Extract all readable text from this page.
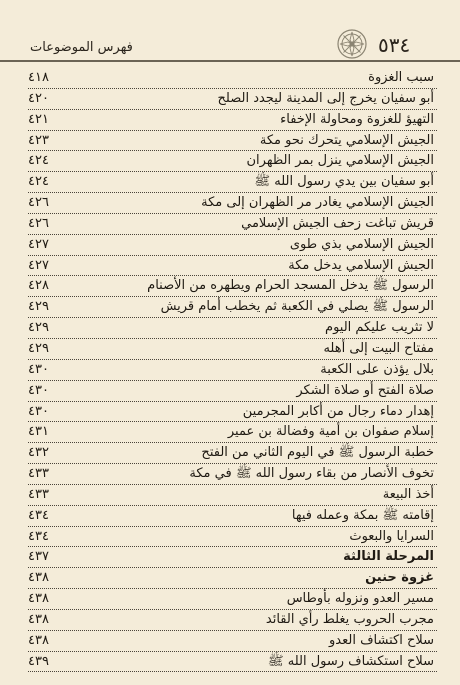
٥٣٤
فهرس الموضوعات
سبب الغزوة
٤١٨
أبو سفيان يخرج إلى المدينة ليجدد الصلح
٤٢٠
التهيؤ للغزوة ومحاولة الإخفاء
٤٢١
الجيش الإسلامي يتحرك نحو مكة
٤٢٣
الجيش الإسلامي ينزل بمر الظهران
٤٢٤
أبو سفيان بين يدي رسول الله ﷺ
٤٢٤
الجيش الإسلامي يغادر مر الظهران إلى مكة
٤٢٦
قريش تباغت زحف الجيش الإسلامي
٤٢٦
الجيش الإسلامي بذي طوى
٤٢٧
الجيش الإسلامي يدخل مكة
٤٢٧
الرسول ﷺ يدخل المسجد الحرام ويطهره من الأصنام
٤٢٨
الرسول ﷺ يصلي في الكعبة ثم يخطب أمام قريش
٤٢٩
لا تثريب عليكم اليوم
٤٢٩
مفتاح البيت إلى أهله
٤٢٩
بلال يؤذن على الكعبة
٤٣٠
صلاة الفتح أو صلاة الشكر
٤٣٠
إهدار دماء رجال من أكابر المجرمين
٤٣٠
إسلام صفوان بن أمية وفضالة بن عمير
٤٣١
خطبة الرسول ﷺ في اليوم الثاني من الفتح
٤٣٢
تخوف الأنصار من بقاء رسول الله ﷺ في مكة
٤٣٣
أخذ البيعة
٤٣٣
إقامته ﷺ بمكة وعمله فيها
٤٣٤
السرايا والبعوث
٤٣٤
المرحلة الثالثة
٤٣٧
غزوة حنين
٤٣٨
مسير العدو ونزوله بأوطاس
٤٣٨
مجرب الحروب يغلط رأي القائد
٤٣٨
سلاح اكتشاف العدو
٤٣٨
سلاح استكشاف رسول الله ﷺ
٤٣٩
